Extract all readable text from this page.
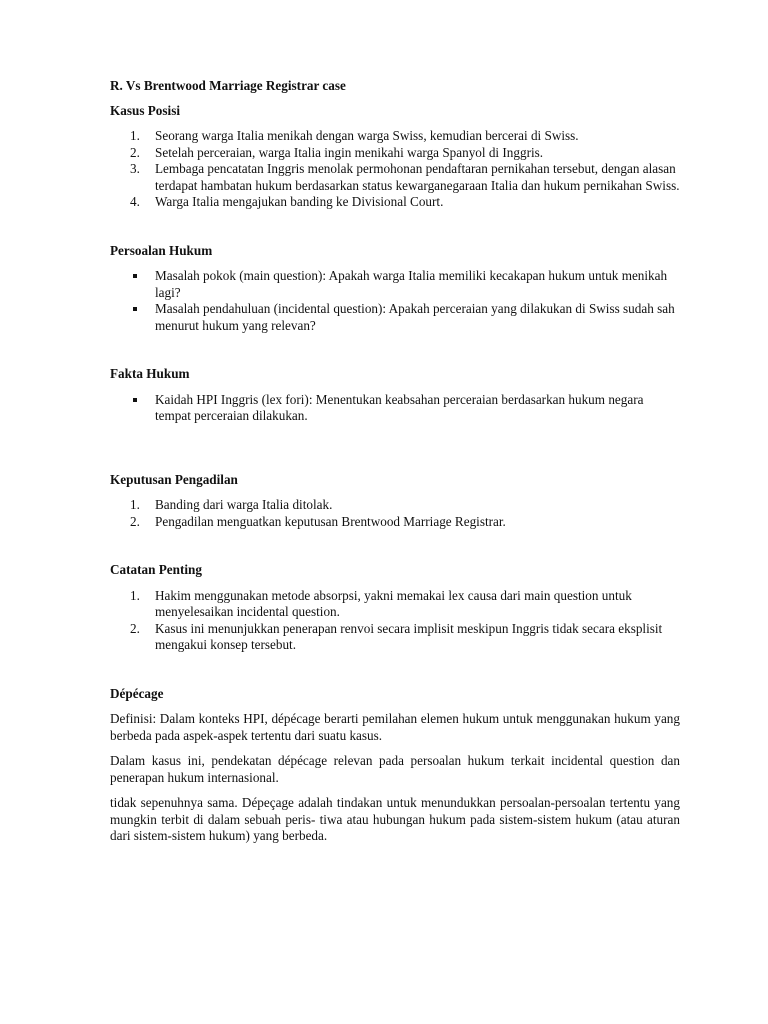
R. Vs Brentwood Marriage Registrar case
Kasus Posisi
1.	Seorang warga Italia menikah dengan warga Swiss, kemudian bercerai di Swiss.
2.	Setelah perceraian, warga Italia ingin menikahi warga Spanyol di Inggris.
3.	Lembaga pencatatan Inggris menolak permohonan pendaftaran pernikahan tersebut, dengan alasan terdapat hambatan hukum berdasarkan status kewarganegaraan Italia dan hukum pernikahan Swiss.
4.	Warga Italia mengajukan banding ke Divisional Court.
Persoalan Hukum
Masalah pokok (main question): Apakah warga Italia memiliki kecakapan hukum untuk menikah lagi?
Masalah pendahuluan (incidental question): Apakah perceraian yang dilakukan di Swiss sudah sah menurut hukum yang relevan?
Fakta Hukum
Kaidah HPI Inggris (lex fori): Menentukan keabsahan perceraian berdasarkan hukum negara tempat perceraian dilakukan.
Keputusan Pengadilan
1.	Banding dari warga Italia ditolak.
2.	Pengadilan menguatkan keputusan Brentwood Marriage Registrar.
Catatan Penting
1.	Hakim menggunakan metode absorpsi, yakni memakai lex causa dari main question untuk menyelesaikan incidental question.
2.	Kasus ini menunjukkan penerapan renvoi secara implisit meskipun Inggris tidak secara eksplisit mengakui konsep tersebut.
Dépécage

Definisi: Dalam konteks HPI, dépécage berarti pemilahan elemen hukum untuk menggunakan hukum yang berbeda pada aspek-aspek tertentu dari suatu kasus.

Dalam kasus ini, pendekatan dépécage relevan pada persoalan hukum terkait incidental question dan penerapan hukum internasional.

tidak sepenuhnya sama. Dépeçage adalah tindakan untuk menundukkan persoalan-persoalan tertentu yang mungkin terbit di dalam sebuah peris- tiwa atau hubungan hukum pada sistem-sistem hukum (atau aturan dari sistem-sistem hukum) yang berbeda.
